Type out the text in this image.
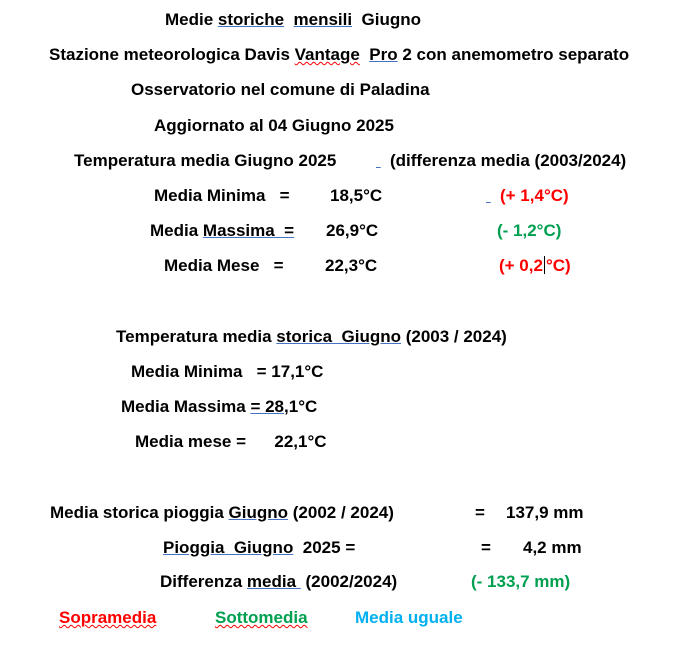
Medie storiche mensili  Giugno
Stazione meteorologica Davis Vantage Pro 2 con anemometro separato
Osservatorio nel comune di Paladina
Aggiornato al 04 Giugno 2025
Temperatura media Giugno 2025	(differenza media (2003/2024)
Media Minima   = 18,5°C	(+ 1,4°C)
Media Massima  = 26,9°C	(- 1,2°C)
Media Mese   = 22,3°C	(+ 0,2 °C)
Temperatura media storica  Giugno (2003 / 2024)
Media Minima   = 17,1°C
Media Massima = 28,1°C
Media mese =      22,1°C
Media storica pioggia Giugno (2002 / 2024)	= 137,9 mm
Pioggia  Giugno  2025 =	= 4,2 mm
Differenza media  (2002/2024)	(- 133,7 mm)
Sopramedia	Sottomedia	Media uguale
